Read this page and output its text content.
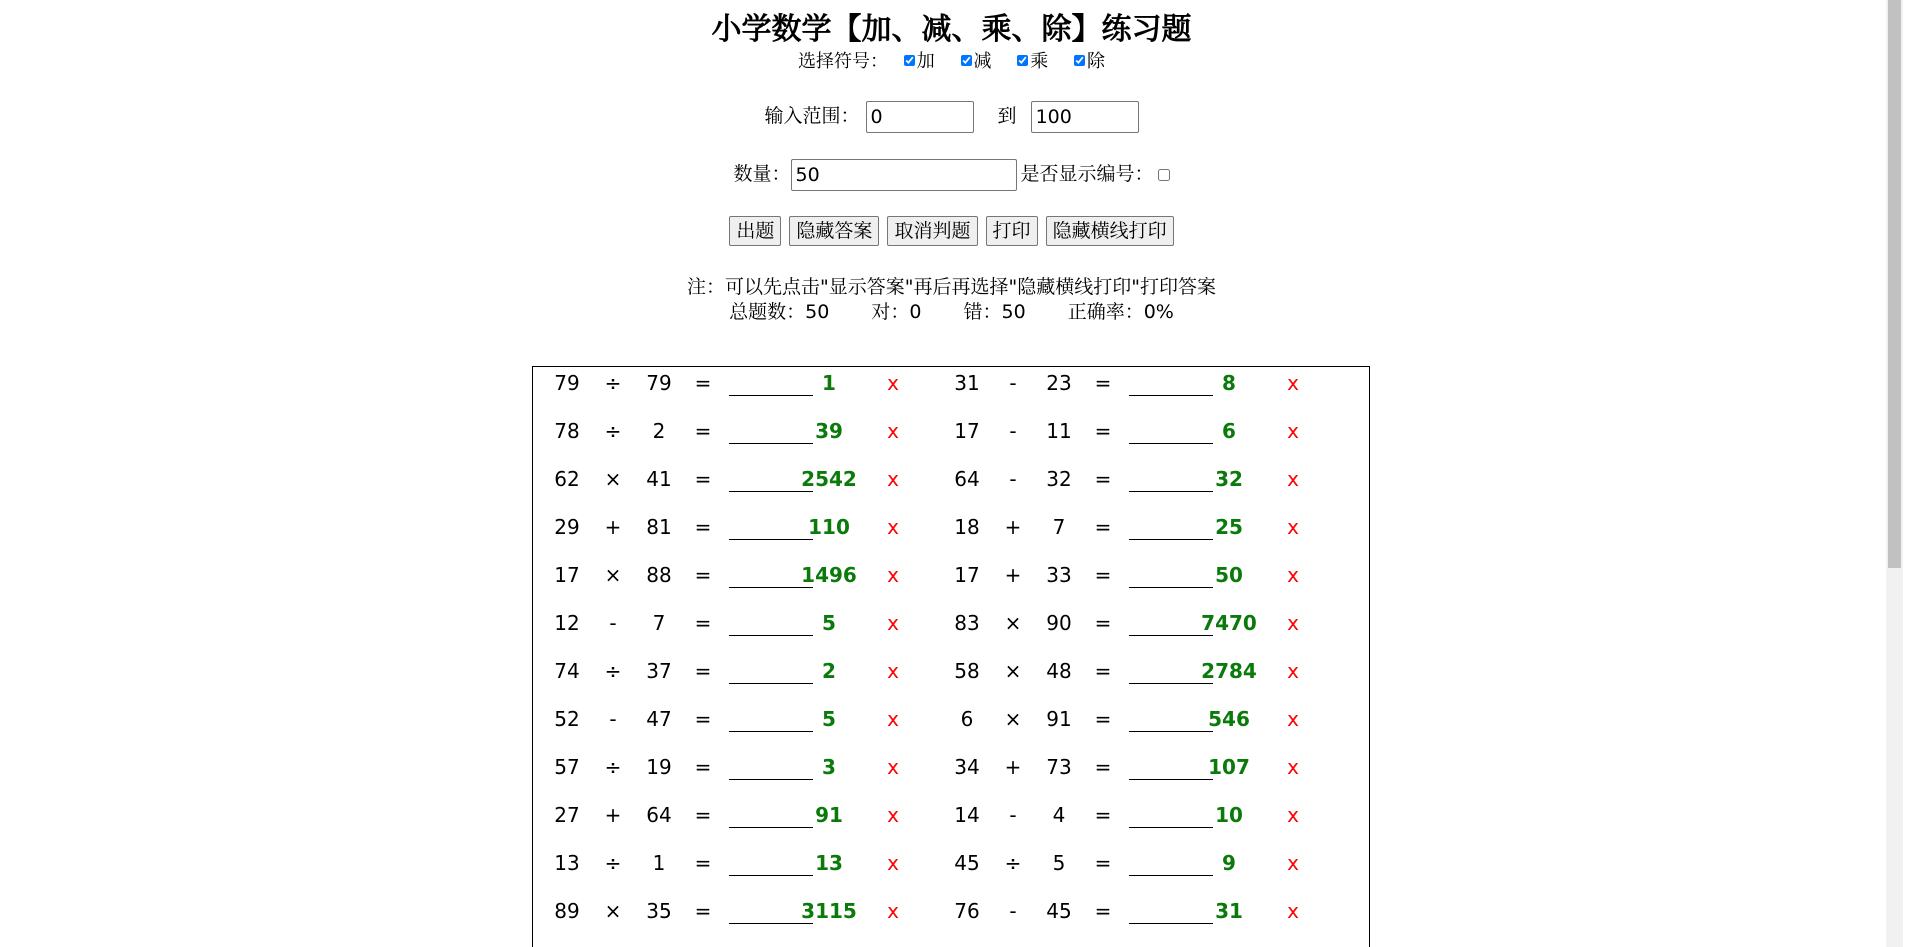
小学数学【加、减、乘、除】练习题
选择符号： 加 减 乘 除
输入范围： 0	到100
数量：50	是否显示编号：
出题 隐藏答案 取消判题 打印 隐藏横线打印
注：可以先点击"显示答案"再后再选择"隐藏横线打印"打印答案
总题数：50 对：0 错：50 正确率：0%
79	÷	79	=	1	x	31	-	23	=	8	x
78	÷	2	=	39	x	17	-	11	=	6	x
62	×	41	=	2542	x	64	-	32	=	32	x
29	+	81	=	110	x	18	+	7	=	25	x
17	×	88	=	1496	x	17	+	33	=	50	x
12	-	7	=	5	x	83	×	90	=	7470	x
74	÷	37	=	2	x	58	×	48	=	2784	x
52	-	47	=	5	x	6	×	91	=	546	x
57	÷	19	=	3	x	34	+	73	=	107	x
27	+	64	=	91	x	14	-	4	=	10	x
13	÷	1	=	13	x	45	÷	5	=	9	x
89	×	35	=	3115	x	76	-	45	=	31	x
